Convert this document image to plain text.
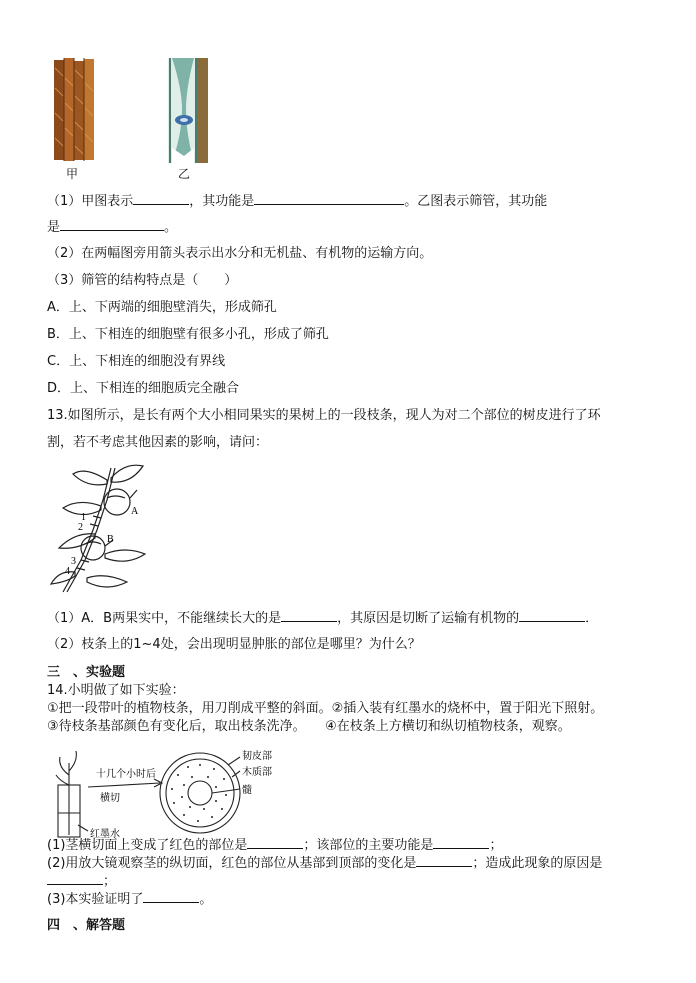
甲	乙
（1）甲图表示	，其功能是	。乙图表示筛管，其功能
是	。
（2）在两幅图旁用箭头表示出水分和无机盐、有机物的运输方向。
（3）筛管的结构特点是（　　）
A．上、下两端的细胞壁消失，形成筛孔
B．上、下相连的细胞壁有很多小孔，形成了筛孔
C．上、下相连的细胞没有界线
D．上、下相连的细胞质完全融合
13.如图所示，是长有两个大小相同果实的果树上的一段枝条，现人为对二个部位的树皮进行了环
割，若不考虑其他因素的影响，请问：
A
B
1
2
3
4
（1）A．B两果实中，不能继续长大的是	，其原因是切断了运输有机物的	．
（2）枝条上的1~4处，会出现明显肿胀的部位是哪里？为什么？
三　、实验题
14.小明做了如下实验：
①把一段带叶的植物枝条，用刀削成平整的斜面。②插入装有红墨水的烧杯中，置于阳光下照射。
③待枝条基部颜色有变化后，取出枝条洗净。　　④在枝条上方横切和纵切植物枝条，观察。
十几个小时后
横切
红墨水
韧皮部
木质部
髓
(1)茎横切面上变成了红色的部位是	；该部位的主要功能是	；
(2)用放大镜观察茎的纵切面，红色的部位从基部到顶部的变化是	；造成此现象的原因是
；
(3)本实验证明了	。
四　、解答题
